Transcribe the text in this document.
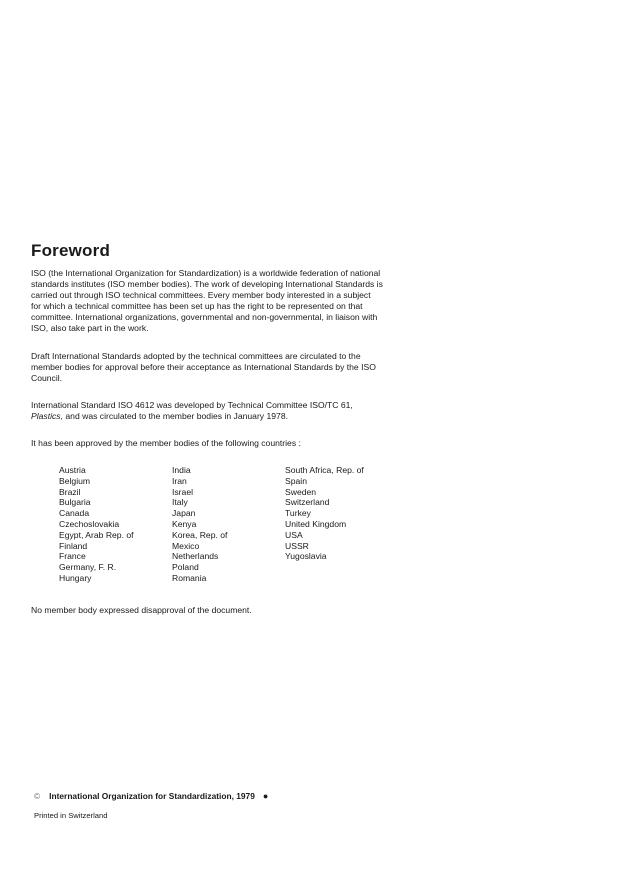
Foreword

ISO (the International Organization for Standardization) is a worldwide federation of national standards institutes (ISO member bodies). The work of developing International Standards is carried out through ISO technical committees. Every member body interested in a subject for which a technical committee has been set up has the right to be represented on that committee. International organizations, governmental and non-governmental, in liaison with ISO, also take part in the work.

Draft International Standards adopted by the technical committees are circulated to the member bodies for approval before their acceptance as International Standards by the ISO Council.

International Standard ISO 4612 was developed by Technical Committee ISO/TC 61, Plastics, and was circulated to the member bodies in January 1978.

It has been approved by the member bodies of the following countries :

Austria
Belgium
Brazil
Bulgaria
Canada
Czechoslovakia
Egypt, Arab Rep. of
Finland
France
Germany, F. R.
Hungary
India
Iran
Israel
Italy
Japan
Kenya
Korea, Rep. of
Mexico
Netherlands
Poland
Romania
South Africa, Rep. of
Spain
Sweden
Switzerland
Turkey
United Kingdom
USA
USSR
Yugoslavia

No member body expressed disapproval of the document.

© International Organization for Standardization, 1979 ●
Printed in Switzerland
